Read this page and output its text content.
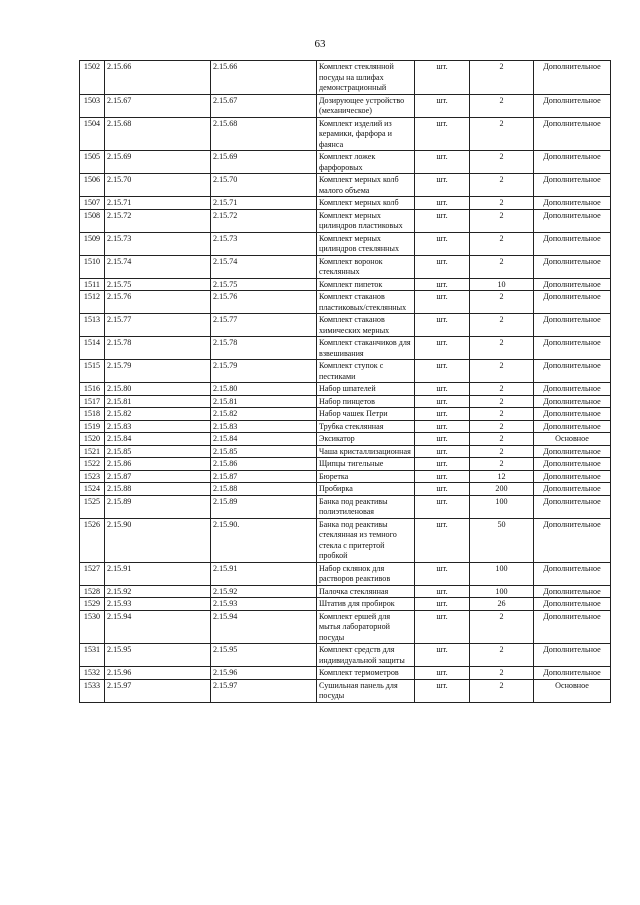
63
1502	2.15.66	2.15.66	Комплект стеклянной посуды на шлифах демонстрационный	шт.	2	Дополнительное
1503	2.15.67	2.15.67	Дозирующее устройство (механическое)	шт.	2	Дополнительное
1504	2.15.68	2.15.68	Комплект изделий из керамики, фарфора и фаянса	шт.	2	Дополнительное
1505	2.15.69	2.15.69	Комплект ложек фарфоровых	шт.	2	Дополнительное
1506	2.15.70	2.15.70	Комплект мерных колб малого объема	шт.	2	Дополнительное
1507	2.15.71	2.15.71	Комплект мерных колб	шт.	2	Дополнительное
1508	2.15.72	2.15.72	Комплект мерных цилиндров пластиковых	шт.	2	Дополнительное
1509	2.15.73	2.15.73	Комплект мерных цилиндров стеклянных	шт.	2	Дополнительное
1510	2.15.74	2.15.74	Комплект воронок стеклянных	шт.	2	Дополнительное
1511	2.15.75	2.15.75	Комплект пипеток	шт.	10	Дополнительное
1512	2.15.76	2.15.76	Комплект стаканов пластиковых/стеклянных	шт.	2	Дополнительное
1513	2.15.77	2.15.77	Комплект стаканов химических мерных	шт.	2	Дополнительное
1514	2.15.78	2.15.78	Комплект стаканчиков для взвешивания	шт.	2	Дополнительное
1515	2.15.79	2.15.79	Комплект ступок с пестиками	шт.	2	Дополнительное
1516	2.15.80	2.15.80	Набор шпателей	шт.	2	Дополнительное
1517	2.15.81	2.15.81	Набор пинцетов	шт.	2	Дополнительное
1518	2.15.82	2.15.82	Набор чашек Петри	шт.	2	Дополнительное
1519	2.15.83	2.15.83	Трубка стеклянная	шт.	2	Дополнительное
1520	2.15.84	2.15.84	Эксикатор	шт.	2	Основное
1521	2.15.85	2.15.85	Чаша кристаллизационная	шт.	2	Дополнительное
1522	2.15.86	2.15.86	Щипцы тигельные	шт.	2	Дополнительное
1523	2.15.87	2.15.87	Бюретка	шт.	12	Дополнительное
1524	2.15.88	2.15.88	Пробирка	шт.	200	Дополнительное
1525	2.15.89	2.15.89	Банка под реактивы полиэтиленовая	шт.	100	Дополнительное
1526	2.15.90	2.15.90.	Банка под реактивы стеклянная из темного стекла с притертой пробкой	шт.	50	Дополнительное
1527	2.15.91	2.15.91	Набор склянок для растворов реактивов	шт.	100	Дополнительное
1528	2.15.92	2.15.92	Палочка стеклянная	шт.	100	Дополнительное
1529	2.15.93	2.15.93	Штатив для пробирок	шт.	26	Дополнительное
1530	2.15.94	2.15.94	Комплект ершей для мытья лабораторной посуды	шт.	2	Дополнительное
1531	2.15.95	2.15.95	Комплект средств для индивидуальной защиты	шт.	2	Дополнительное
1532	2.15.96	2.15.96	Комплект термометров	шт.	2	Дополнительное
1533	2.15.97	2.15.97	Сушильная панель для посуды	шт.	2	Основное
